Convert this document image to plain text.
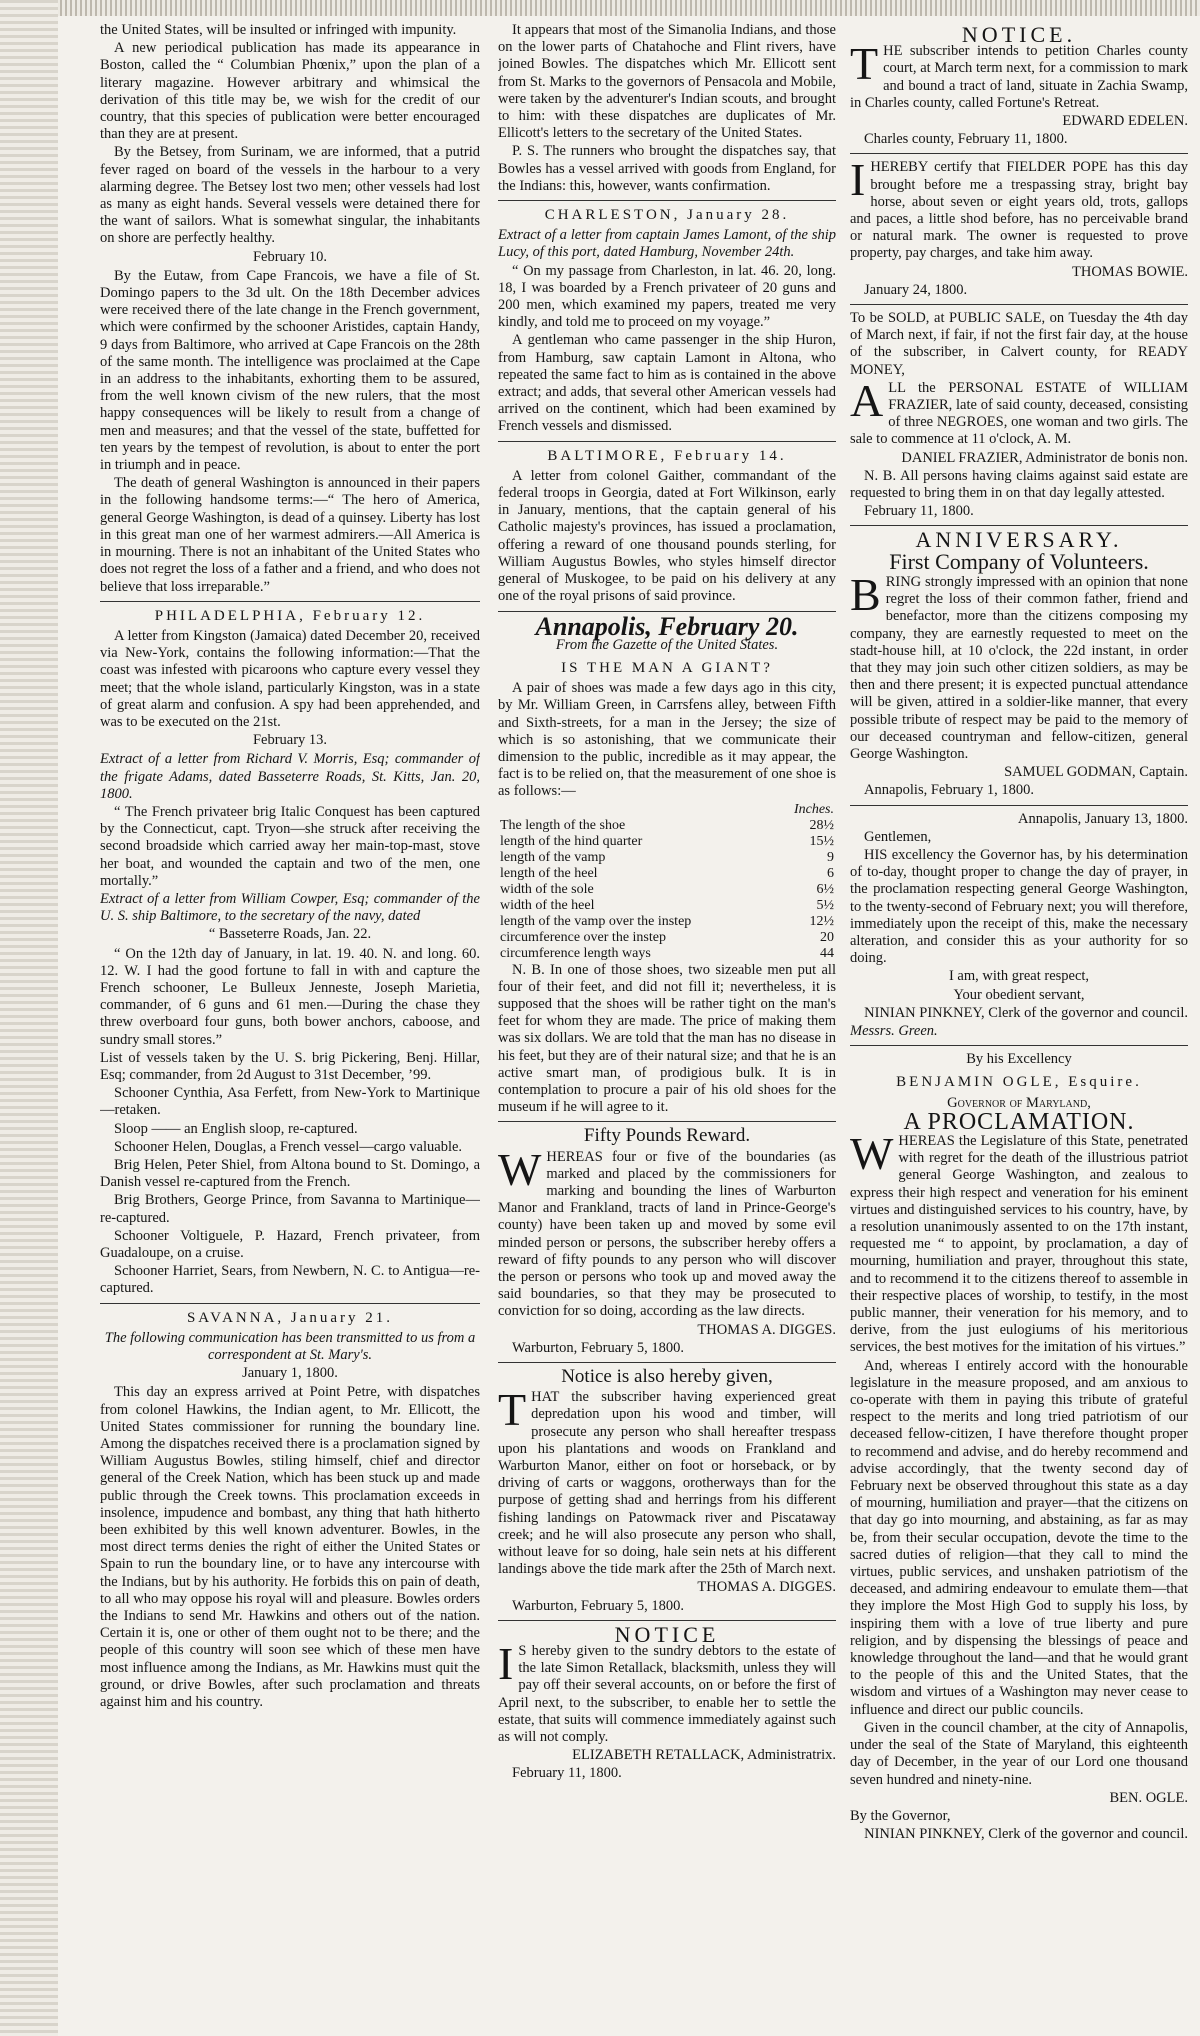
the United States, will be insulted or infringed with impunity.

A new periodical publication has made its appearance in Boston, called the “ Columbian Phœnix,” upon the plan of a literary magazine. However arbitrary and whimsical the derivation of this title may be, we wish for the credit of our country, that this species of publication were better encouraged than they are at present.

By the Betsey, from Surinam, we are informed, that a putrid fever raged on board of the vessels in the harbour to a very alarming degree. The Betsey lost two men; other vessels had lost as many as eight hands. Several vessels were detained there for the want of sailors. What is somewhat singular, the inhabitants on shore are perfectly healthy.

February 10.

By the Eutaw, from Cape Francois, we have a file of St. Domingo papers to the 3d ult. On the 18th December advices were received there of the late change in the French government, which were confirmed by the schooner Aristides, captain Handy, 9 days from Baltimore, who arrived at Cape Francois on the 28th of the same month. The intelligence was proclaimed at the Cape in an address to the inhabitants, exhorting them to be assured, from the well known civism of the new rulers, that the most happy consequences will be likely to result from a change of men and measures; and that the vessel of the state, buffetted for ten years by the tempest of revolution, is about to enter the port in triumph and in peace.

The death of general Washington is announced in their papers in the following handsome terms:—“ The hero of America, general George Washington, is dead of a quinsey. Liberty has lost in this great man one of her warmest admirers.—All America is in mourning. There is not an inhabitant of the United States who does not regret the loss of a father and a friend, and who does not believe that loss irreparable.”

PHILADELPHIA, February 12.

A letter from Kingston (Jamaica) dated December 20, received via New-York, contains the following information:—That the coast was infested with picaroons who capture every vessel they meet; that the whole island, particularly Kingston, was in a state of great alarm and confusion. A spy had been apprehended, and was to be executed on the 21st.

February 13.

Extract of a letter from Richard V. Morris, Esq; commander of the frigate Adams, dated Basseterre Roads, St. Kitts, Jan. 20, 1800.

“ The French privateer brig Italic Conquest has been captured by the Connecticut, capt. Tryon—she struck after receiving the second broadside which carried away her main-top-mast, stove her boat, and wounded the captain and two of the men, one mortally.”

Extract of a letter from William Cowper, Esq; commander of the U. S. ship Baltimore, to the secretary of the navy, dated

“ Basseterre Roads, Jan. 22.

“ On the 12th day of January, in lat. 19. 40. N. and long. 60. 12. W. I had the good fortune to fall in with and capture the French schooner, Le Bulleux Jenneste, Joseph Marietia, commander, of 6 guns and 61 men.—During the chase they threw overboard four guns, both bower anchors, caboose, and sundry small stores.”

List of vessels taken by the U. S. brig Pickering, Benj. Hillar, Esq; commander, from 2d August to 31st December, ’99.

Schooner Cynthia, Asa Ferfett, from New-York to Martinique—retaken.

Sloop —— an English sloop, re-captured.

Schooner Helen, Douglas, a French vessel—cargo valuable.

Brig Helen, Peter Shiel, from Altona bound to St. Domingo, a Danish vessel re-captured from the French.

Brig Brothers, George Prince, from Savanna to Martinique—re-captured.

Schooner Voltiguele, P. Hazard, French privateer, from Guadaloupe, on a cruise.

Schooner Harriet, Sears, from Newbern, N. C. to Antigua—re-captured.

SAVANNA, January 21.

The following communication has been transmitted to us from a correspondent at St. Mary's.

January 1, 1800.

This day an express arrived at Point Petre, with dispatches from colonel Hawkins, the Indian agent, to Mr. Ellicott, the United States commissioner for running the boundary line. Among the dispatches received there is a proclamation signed by William Augustus Bowles, stiling himself, chief and director general of the Creek Nation, which has been stuck up and made public through the Creek towns. This proclamation exceeds in insolence, impudence and bombast, any thing that hath hitherto been exhibited by this well known adventurer. Bowles, in the most direct terms denies the right of either the United States or Spain to run the boundary line, or to have any intercourse with the Indians, but by his authority. He forbids this on pain of death, to all who may oppose his royal will and pleasure. Bowles orders the Indians to send Mr. Hawkins and others out of the nation. Certain it is, one or other of them ought not to be there; and the people of this country will soon see which of these men have most influence among the Indians, as Mr. Hawkins must quit the ground, or drive Bowles, after such proclamation and threats against him and his country.

It appears that most of the Simanolia Indians, and those on the lower parts of Chatahoche and Flint rivers, have joined Bowles. The dispatches which Mr. Ellicott sent from St. Marks to the governors of Pensacola and Mobile, were taken by the adventurer's Indian scouts, and brought to him: with these dispatches are duplicates of Mr. Ellicott's letters to the secretary of the United States.

P. S. The runners who brought the dispatches say, that Bowles has a vessel arrived with goods from England, for the Indians: this, however, wants confirmation.

CHARLESTON, January 28.

Extract of a letter from captain James Lamont, of the ship Lucy, of this port, dated Hamburg, November 24th.

“ On my passage from Charleston, in lat. 46. 20, long. 18, I was boarded by a French privateer of 20 guns and 200 men, which examined my papers, treated me very kindly, and told me to proceed on my voyage.”

A gentleman who came passenger in the ship Huron, from Hamburg, saw captain Lamont in Altona, who repeated the same fact to him as is contained in the above extract; and adds, that several other American vessels had arrived on the continent, which had been examined by French vessels and dismissed.

BALTIMORE, February 14.

A letter from colonel Gaither, commandant of the federal troops in Georgia, dated at Fort Wilkinson, early in January, mentions, that the captain general of his Catholic majesty's provinces, has issued a proclamation, offering a reward of one thousand pounds sterling, for William Augustus Bowles, who styles himself director general of Muskogee, to be paid on his delivery at any one of the royal prisons of said province.

Annapolis, February 20.

From the Gazette of the United States.

IS THE MAN A GIANT?

A pair of shoes was made a few days ago in this city, by Mr. William Green, in Carrsfens alley, between Fifth and Sixth-streets, for a man in the Jersey; the size of which is so astonishing, that we communicate their dimension to the public, incredible as it may appear, the fact is to be relied on, that the measurement of one shoe is as follows:—

	Inches.
The length of the shoe	28½
length of the hind quarter	15½
length of the vamp	9
length of the heel	6
width of the sole	6½
width of the heel	5½
length of the vamp over the instep	12½
circumference over the instep	20
circumference length ways	44

N. B. In one of those shoes, two sizeable men put all four of their feet, and did not fill it; nevertheless, it is supposed that the shoes will be rather tight on the man's feet for whom they are made. The price of making them was six dollars. We are told that the man has no disease in his feet, but they are of their natural size; and that he is an active smart man, of prodigious bulk. It is in contemplation to procure a pair of his old shoes for the museum if he will agree to it.

Fifty Pounds Reward.

WHEREAS four or five of the boundaries (as marked and placed by the commissioners for marking and bounding the lines of Warburton Manor and Frankland, tracts of land in Prince-George's county) have been taken up and moved by some evil minded person or persons, the subscriber hereby offers a reward of fifty pounds to any person who will discover the person or persons who took up and moved away the said boundaries, so that they may be prosecuted to conviction for so doing, according as the law directs.

THOMAS A. DIGGES.

Warburton, February 5, 1800.

Notice is also hereby given,

THAT the subscriber having experienced great depredation upon his wood and timber, will prosecute any person who shall hereafter trespass upon his plantations and woods on Frankland and Warburton Manor, either on foot or horseback, or by driving of carts or waggons, orotherways than for the purpose of getting shad and herrings from his different fishing landings on Patowmack river and Piscataway creek; and he will also prosecute any person who shall, without leave for so doing, hale sein nets at his different landings above the tide mark after the 25th of March next.

THOMAS A. DIGGES.

Warburton, February 5, 1800.

NOTICE

I S hereby given to the sundry debtors to the estate of the late Simon Retallack, blacksmith, unless they will pay off their several accounts, on or before the first of April next, to the subscriber, to enable her to settle the estate, that suits will commence immediately against such as will not comply.

ELIZABETH RETALLACK, Administratrix.

February 11, 1800.

NOTICE.

THE subscriber intends to petition Charles county court, at March term next, for a commission to mark and bound a tract of land, situate in Zachia Swamp, in Charles county, called Fortune's Retreat.

EDWARD EDELEN.

Charles county, February 11, 1800.

IHEREBY certify that FIELDER POPE has this day brought before me a trespassing stray, bright bay horse, about seven or eight years old, trots, gallops and paces, a little shod before, has no perceivable brand or natural mark. The owner is requested to prove property, pay charges, and take him away.

THOMAS BOWIE.

January 24, 1800.

To be SOLD, at PUBLIC SALE, on Tuesday the 4th day of March next, if fair, if not the first fair day, at the house of the subscriber, in Calvert county, for READY MONEY,

ALL the PERSONAL ESTATE of WILLIAM FRAZIER, late of said county, deceased, consisting of three NEGROES, one woman and two girls. The sale to commence at 11 o'clock, A. M.

DANIEL FRAZIER, Administrator de bonis non.

N. B. All persons having claims against said estate are requested to bring them in on that day legally attested.

February 11, 1800.

ANNIVERSARY.

First Company of Volunteers.

BRING strongly impressed with an opinion that none regret the loss of their common father, friend and benefactor, more than the citizens composing my company, they are earnestly requested to meet on the stadt-house hill, at 10 o'clock, the 22d instant, in order that they may join such other citizen soldiers, as may be then and there present; it is expected punctual attendance will be given, attired in a soldier-like manner, that every possible tribute of respect may be paid to the memory of our deceased countryman and fellow-citizen, general George Washington.

SAMUEL GODMAN, Captain.

Annapolis, February 1, 1800.

Annapolis, January 13, 1800.

Gentlemen,

HIS excellency the Governor has, by his determination of to-day, thought proper to change the day of prayer, in the proclamation respecting general George Washington, to the twenty-second of February next; you will therefore, immediately upon the receipt of this, make the necessary alteration, and consider this as your authority for so doing.

I am, with great respect,

Your obedient servant,

NINIAN PINKNEY, Clerk of the governor and council.

Messrs. Green.

By his Excellency

BENJAMIN OGLE, Esquire.

Governor of Maryland,

A PROCLAMATION.

WHEREAS the Legislature of this State, penetrated with regret for the death of the illustrious patriot general George Washington, and zealous to express their high respect and veneration for his eminent virtues and distinguished services to his country, have, by a resolution unanimously assented to on the 17th instant, requested me “ to appoint, by proclamation, a day of mourning, humiliation and prayer, throughout this state, and to recommend it to the citizens thereof to assemble in their respective places of worship, to testify, in the most public manner, their veneration for his memory, and to derive, from the just eulogiums of his meritorious services, the best motives for the imitation of his virtues.”

And, whereas I entirely accord with the honourable legislature in the measure proposed, and am anxious to co-operate with them in paying this tribute of grateful respect to the merits and long tried patriotism of our deceased fellow-citizen, I have therefore thought proper to recommend and advise, and do hereby recommend and advise accordingly, that the twenty second day of February next be observed throughout this state as a day of mourning, humiliation and prayer—that the citizens on that day go into mourning, and abstaining, as far as may be, from their secular occupation, devote the time to the sacred duties of religion—that they call to mind the virtues, public services, and unshaken patriotism of the deceased, and admiring endeavour to emulate them—that they implore the Most High God to supply his loss, by inspiring them with a love of true liberty and pure religion, and by dispensing the blessings of peace and knowledge throughout the land—and that he would grant to the people of this and the United States, that the wisdom and virtues of a Washington may never cease to influence and direct our public councils.

Given in the council chamber, at the city of Annapolis, under the seal of the State of Maryland, this eighteenth day of December, in the year of our Lord one thousand seven hundred and ninety-nine.

BEN. OGLE.

By the Governor,

NINIAN PINKNEY, Clerk of the governor and council.
